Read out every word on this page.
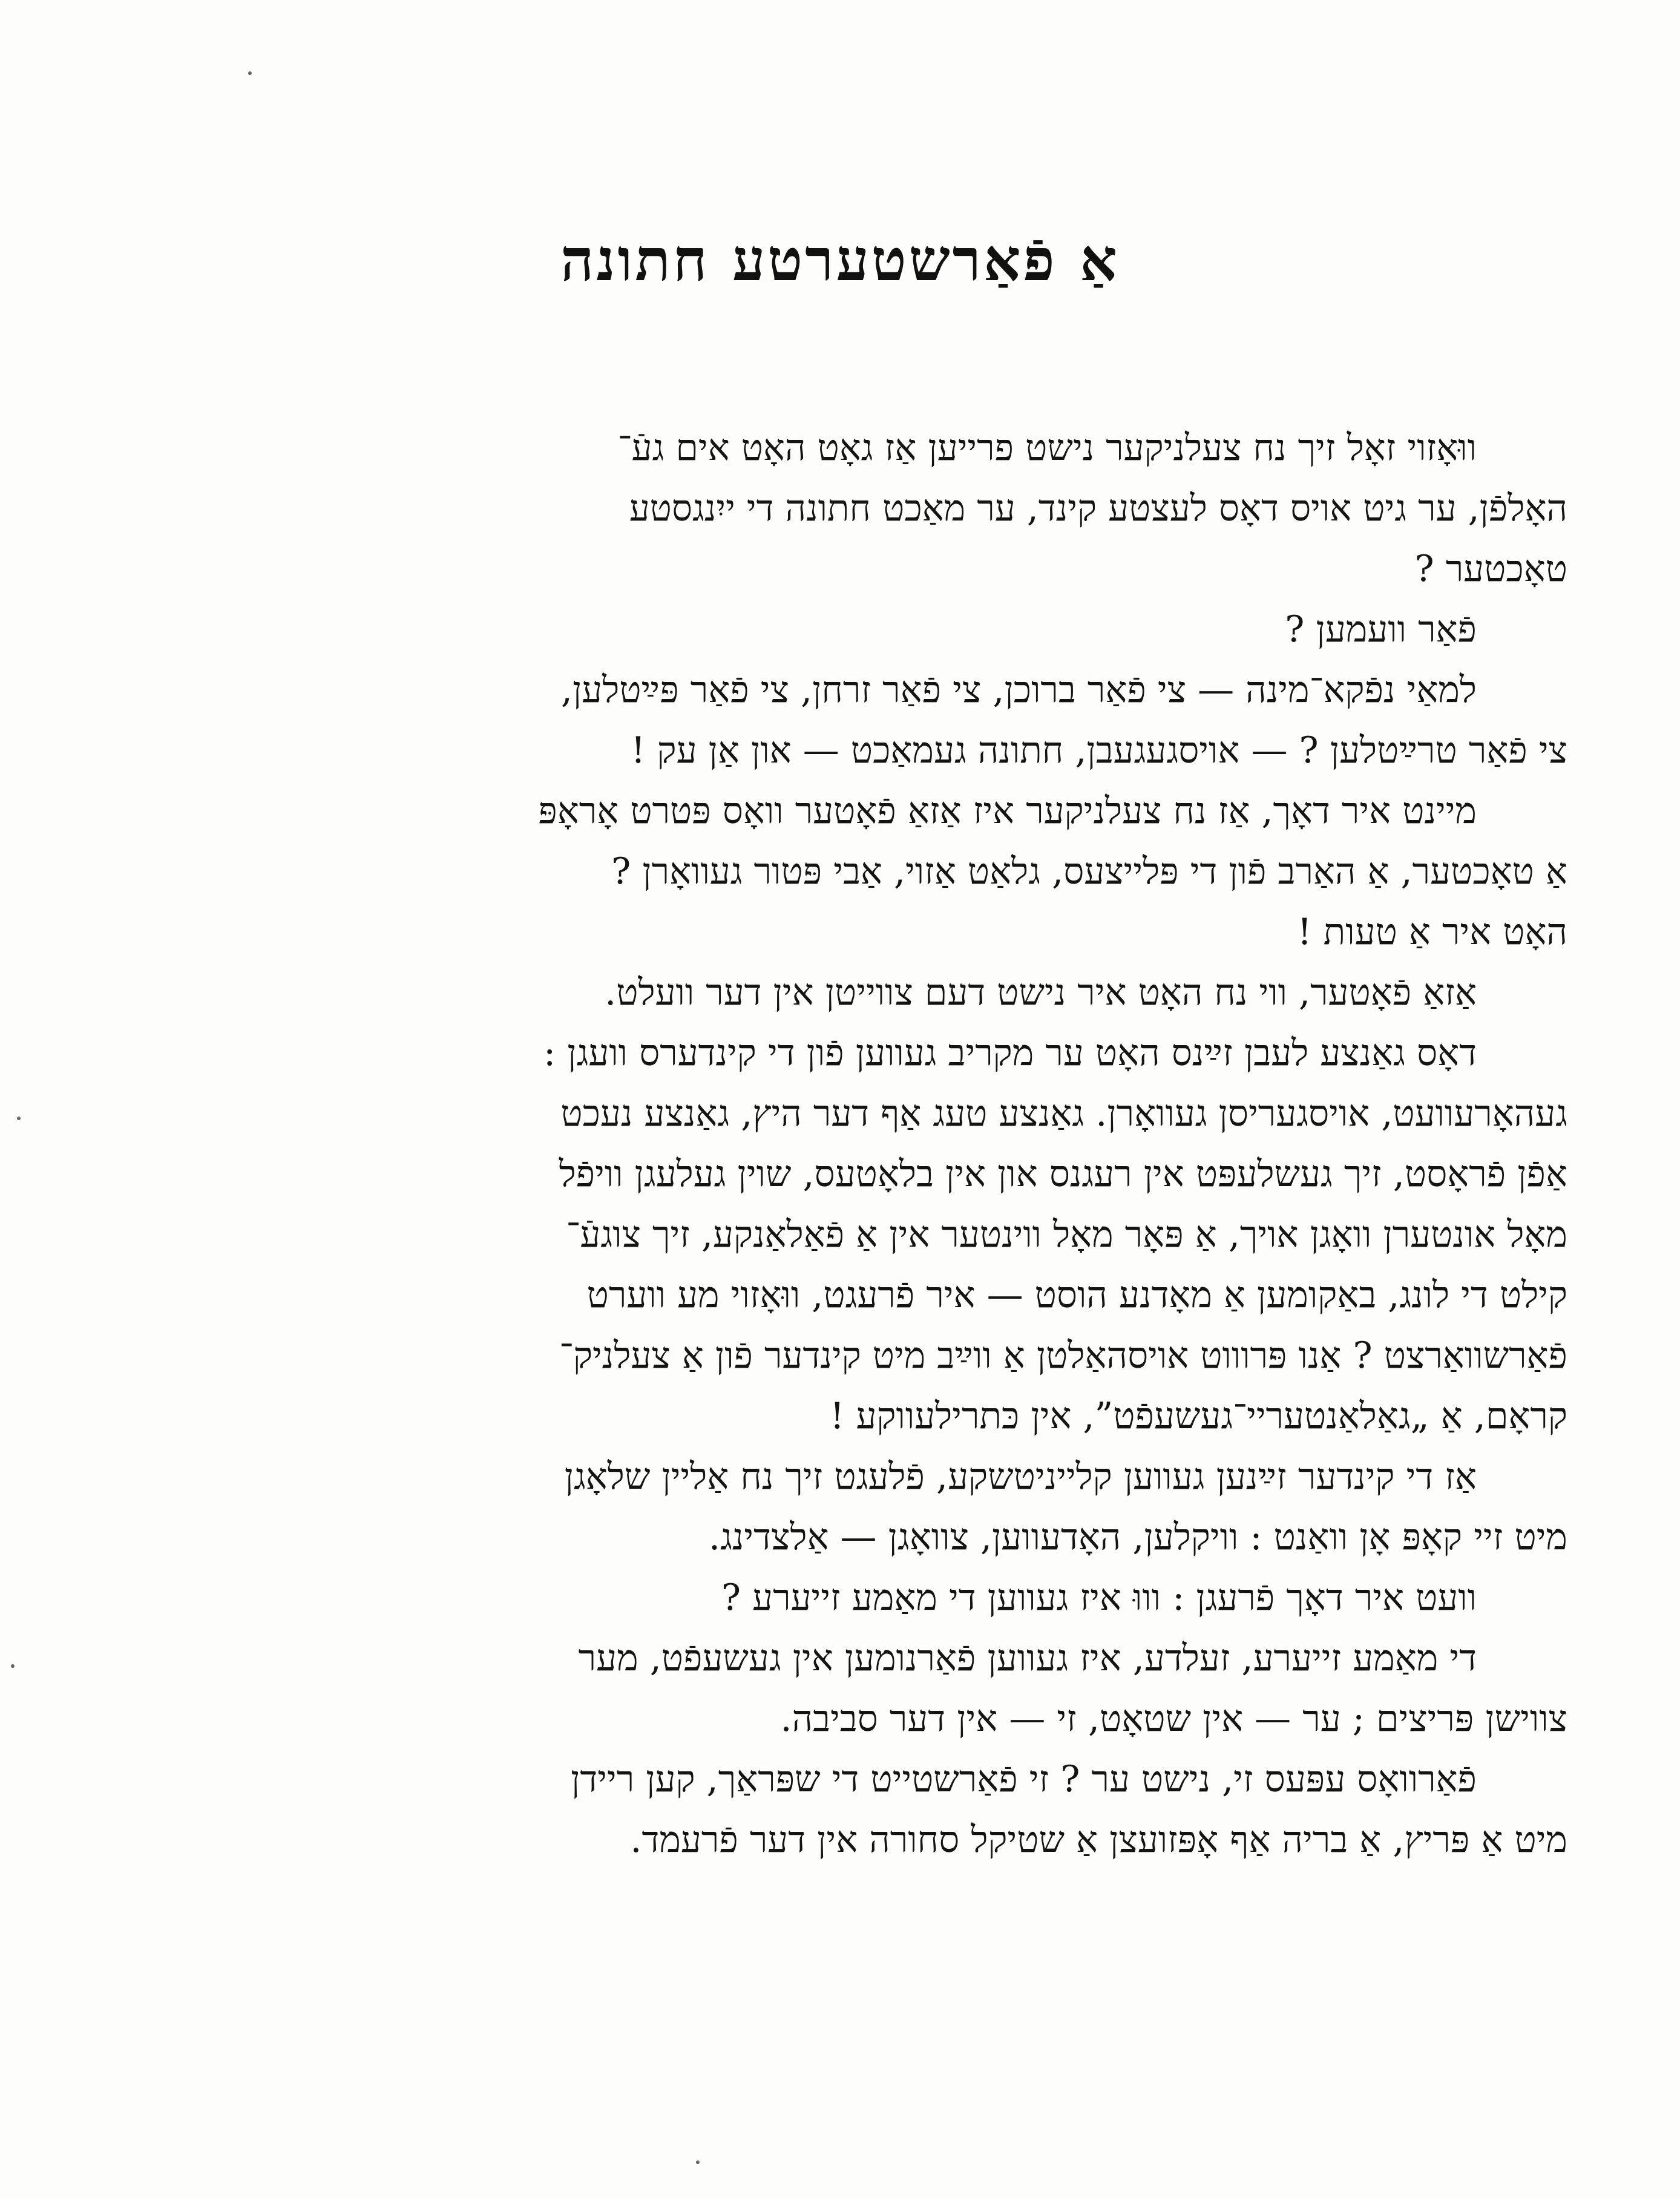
אַ פֿאַרשטערטע חתונה

ווּאָזוי זאָל זיך נח צעלניקער נישט פרייען אַז גאָט האָט אים געֿ־
האָלפֿן, ער גיט אויס דאָס לעצטע קינד, ער מאַכט חתונה די ייִנגסטע
טאָכטער ?

פֿאַר וועמען ?

למאַי נפֿקא־מינה — צי פֿאַר ברוכן, צי פֿאַר זרחן, צי פֿאַר פּײַטלען,
צי פֿאַר טרײַטלען ? — אויסגעגעבן, חתונה געמאַכט — און אַן עק !

מיינט איר דאָך, אַז נח צעלניקער איז אַזאַ פֿאָטער וואָס פּטרט אָראָפּ
אַ טאָכטער, אַ האַרב פֿון די פּלייצעס, גלאַט אַזוי, אַבי פּטור געוואָרן ?
האָט איר אַ טעות !

אַזאַ פֿאָטער, ווי נח האָט איר נישט דעם צווייטן אין דער וועלט.

דאָס גאַנצע לעבן זײַנס האָט ער מקריב געווען פֿון די קינדערס וועגן :
געהאָרעוועט, אויסגעריסן געוואָרן. גאַנצע טעג אַף דער היץ, גאַנצע נעכט
אַפֿן פֿראָסט, זיך געשלעפּט אין רעגנס און אין בלאָטעס, שוין געלעגן וויפֿל
מאָל אונטערן וואָגן אויך, אַ פּאָר מאָל ווינטער אין אַ פֿאַלאַנקע, זיך צוגעֿ־
קילט די לונג, באַקומען אַ מאָדנע הוסט — איר פֿרעגט, ווּאָזוי מע ווערט
פֿאַרשוואַרצט ? אַנו פּרוווט אויסהאַלטן אַ ווײַב מיט קינדער פֿון אַ צעלניק־
קראָם, אַ „גאַלאַנטעריי־געשעפֿט”, אין כּתרילעווקע !

אַז די קינדער זײַנען געווען קלייניטשקע, פֿלעגט זיך נח אַליין שלאָגן
מיט זיי קאָפּ אָן וואַנט : וויקלען, האָדעווען, צוואָגן — אַלצדינג.

וועט איר דאָך פֿרעגן : וווּ איז געווען די מאַמע זייערע ?

די מאַמע זייערע, זעלדע, איז געווען פֿאַרנומען אין געשעפֿט, מער
צווישן פּריצים ; ער — אין שטאָט, זי — אין דער סביבה.

פֿאַרוואָס עפּעס זי, נישט ער ? זי פֿאַרשטייט די שפּראַך, קען ריידן
מיט אַ פּריץ, אַ בריה אַף אָפּזועצן אַ שטיקל סחורה אין דער פֿרעמד.
